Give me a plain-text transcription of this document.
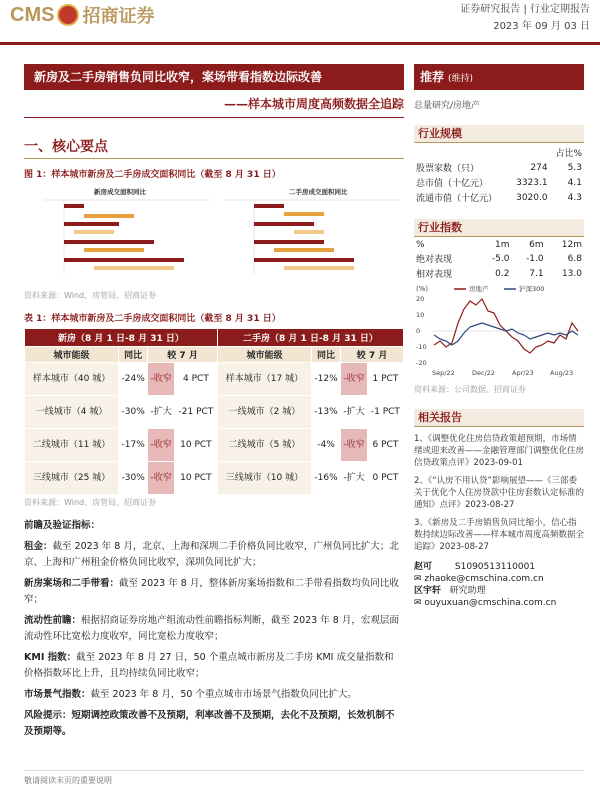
CMS 招商证券	证券研究报告 | 行业定期报告
2023 年 09 月 03 日
新房及二手房销售负同比收窄，案场带看指数边际改善
——样本城市周度高频数据全追踪
推荐 (维持)
总量研究/房地产
行业规模
		占比%
股票家数（只）	274	5.3
总市值（十亿元）	3323.1	4.1
流通市值（十亿元）	3020.0	4.3
行业指数
%	1m	6m	12m
绝对表现	-5.0	-1.0	6.8
相对表现	0.2	7.1	13.0
(%)	房地产	沪深300
20
10
0
-10
-20
Sep/22	Dec/22	Apr/23	Aug/23
资料来源：公司数据、招商证券
相关报告
1、《调整优化住房信贷政策超预期，市场情绪或迎来改善——金融管理部门调整优化住房信贷政策点评》2023-09-01
2、《“认房不用认贷”影响展望——《三部委关于优化个人住房贷款中住房套数认定标准的通知》点评》2023-08-27
3、《新房及二手房销售负同比缩小，信心指数持续边际改善——样本城市周度高频数据全追踪》2023-08-27
赵可	S1090513110001
✉ zhaoke@cmschina.com.cn
区宇轩 研究助理
✉ ouyuxuan@cmschina.com.cn
一、核心要点
图 1：样本城市新房及二手房成交面积同比（截至 8 月 31 日）
新房成交面积同比	二手房成交面积同比
资料来源：Wind、房管局、招商证券
表 1：样本城市新房及二手房成交面积同比（截至 8 月 31 日）
新房（8 月 1 日-8 月 31 日）				二手房（8 月 1 日-8 月 31 日）			
城市能级	同比	较 7 月		城市能级	同比	较 7 月	
样本城市（40 城）	-24%	-收窄	4 PCT	样本城市（17 城）	-12%	-收窄	1 PCT
一线城市（4 城）	-30%	-扩大	-21 PCT	一线城市（2 城）	-13%	-扩大	-1 PCT
二线城市（11 城）	-17%	-收窄	10 PCT	二线城市（5 城）	-4%	-收窄	6 PCT
三线城市（25 城）	-30%	-收窄	10 PCT	三线城市（10 城）	-16%	-扩大	0 PCT
资料来源：Wind、房管局、招商证券

前瞻及验证指标：

租金：截至 2023 年 8 月，北京、上海和深圳二手价格负同比收窄，广州负同比扩大；北京、上海和广州租金价格负同比收窄，深圳负同比扩大；

新房案场和二手带看：截至 2023 年 8 月，整体新房案场指数和二手带看指数均负同比收窄；

流动性前瞻：根据招商证券房地产组流动性前瞻指标判断，截至 2023 年 8 月，宏观层面流动性环比宽松力度收窄，同比宽松力度收窄；

KMI 指数：截至 2023 年 8 月 27 日，50 个重点城市新房及二手房 KMI 成交量指数和价格指数环比上升，且均持续负同比收窄；

市场景气指数：截至 2023 年 8 月，50 个重点城市市场景气指数负同比扩大。

风险提示：短期调控政策改善不及预期，利率改善不及预期，去化不及预期，长效机制不及预期等。

敬请阅读末页的重要说明
